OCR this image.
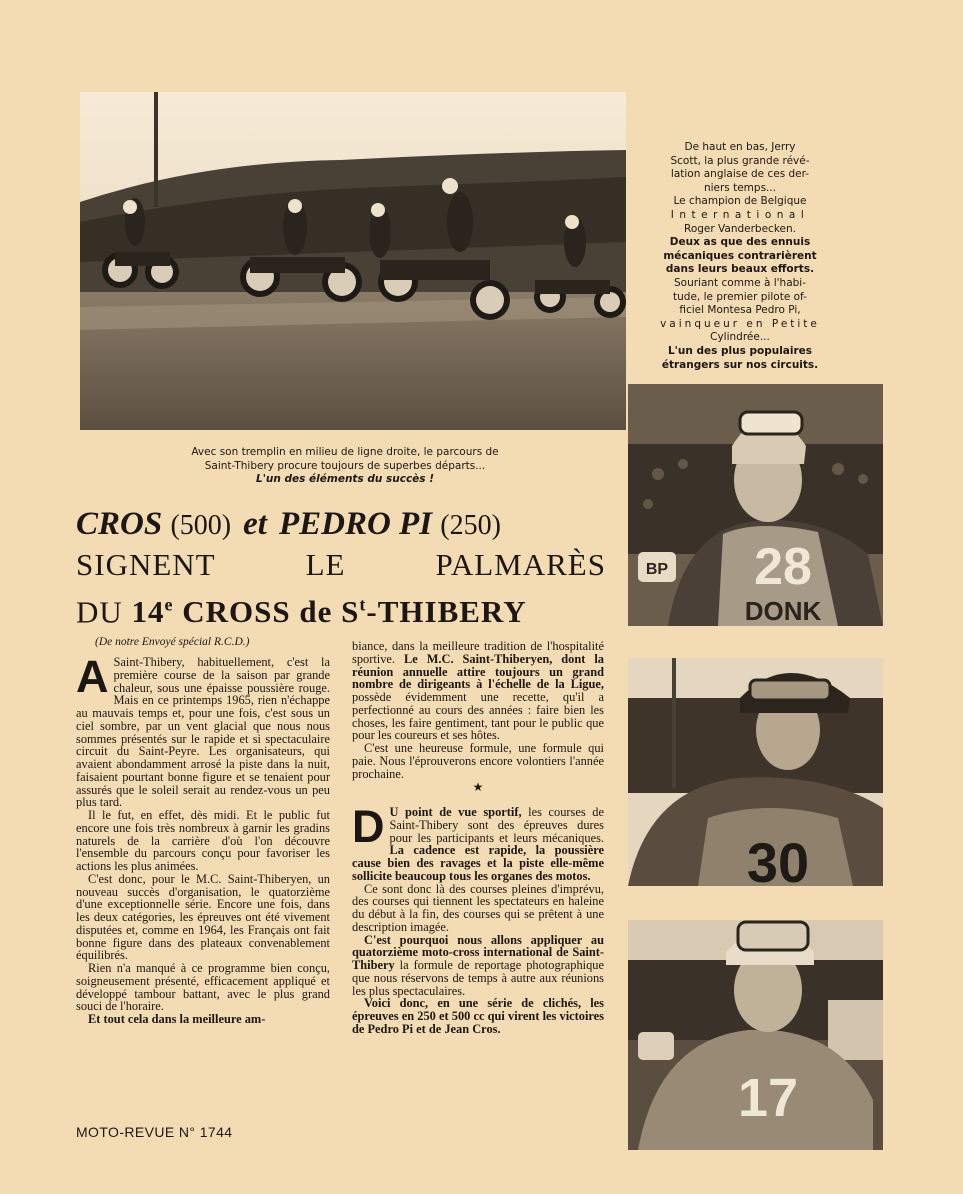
BP 28
DONK
30
17

De haut en bas, Jerry

Scott, la plus grande révé-

lation anglaise de ces der-

niers temps...

Le champion de Belgique

International

Roger Vanderbecken.

Deux as que des ennuis

mécaniques contrarièrent

dans leurs beaux efforts.

Souriant comme à l'habi-

tude, le premier pilote of-

ficiel Montesa Pedro Pi,

vainqueur en Petite

Cylindrée...

L'un des plus populaires

étrangers sur nos circuits.

Avec son tremplin en milieu de ligne droite, le parcours de

Saint-Thibery procure toujours de superbes départs...

L'un des éléments du succès !

CROS (500) et PEDRO PI (250)
SIGNENT	LE	PALMARÈS
DU 14e CROSS de $S^t$-THIBERY
(De notre Envoyé spécial R.C.D.)

A Saint-Thibery, habituellement, c'est la première course de la saison par grande chaleur, sous une épaisse poussière rouge. Mais en ce printemps 1965, rien n'échappe au mauvais temps et, pour une fois, c'est sous un ciel sombre, par un vent glacial que nous nous sommes présentés sur le rapide et si spectaculaire circuit du Saint-Peyre. Les organisateurs, qui avaient abondamment arrosé la piste dans la nuit, faisaient pourtant bonne figure et se tenaient pour assurés que le soleil serait au rendez-vous un peu plus tard.

Il le fut, en effet, dès midi. Et le public fut encore une fois très nombreux à garnir les gradins naturels de la carrière d'où l'on découvre l'ensemble du parcours conçu pour favoriser les actions les plus animées.

C'est donc, pour le M.C. Saint-Thiberyen, un nouveau succès d'organisation, le quatorzième d'une exceptionnelle série. Encore une fois, dans les deux catégories, les épreuves ont été vivement disputées et, comme en 1964, les Français ont fait bonne figure dans des plateaux convenablement équilibrés.

Rien n'a manqué à ce programme bien conçu, soigneusement présenté, efficacement appliqué et développé tambour battant, avec le plus grand souci de l'horaire.

Et tout cela dans la meilleure am-

biance, dans la meilleure tradition de l'hospitalité sportive. Le M.C. Saint-Thiberyen, dont la réunion annuelle attire toujours un grand nombre de dirigeants à l'échelle de la Ligue, possède évidemment une recette, qu'il a perfectionné au cours des années : faire bien les choses, les faire gentiment, tant pour le public que pour les coureurs et ses hôtes.

C'est une heureuse formule, une formule qui paie. Nous l'éprouverons encore volontiers l'année prochaine.

★

D U point de vue sportif, les courses de Saint-Thibery sont des épreuves dures pour les participants et leurs mécaniques. La cadence est rapide, la poussière cause bien des ravages et la piste elle-même sollicite beaucoup tous les organes des motos.

Ce sont donc là des courses pleines d'imprévu, des courses qui tiennent les spectateurs en haleine du début à la fin, des courses qui se prêtent à une description imagée.

C'est pourquoi nous allons appliquer au quatorzième moto-cross international de Saint-Thibery la formule de reportage photographique que nous réservons de temps à autre aux réunions les plus spectaculaires.

Voici donc, en une série de clichés, les épreuves en 250 et 500 cc qui virent les victoires de Pedro Pi et de Jean Cros.

MOTO-REVUE N° 1744
